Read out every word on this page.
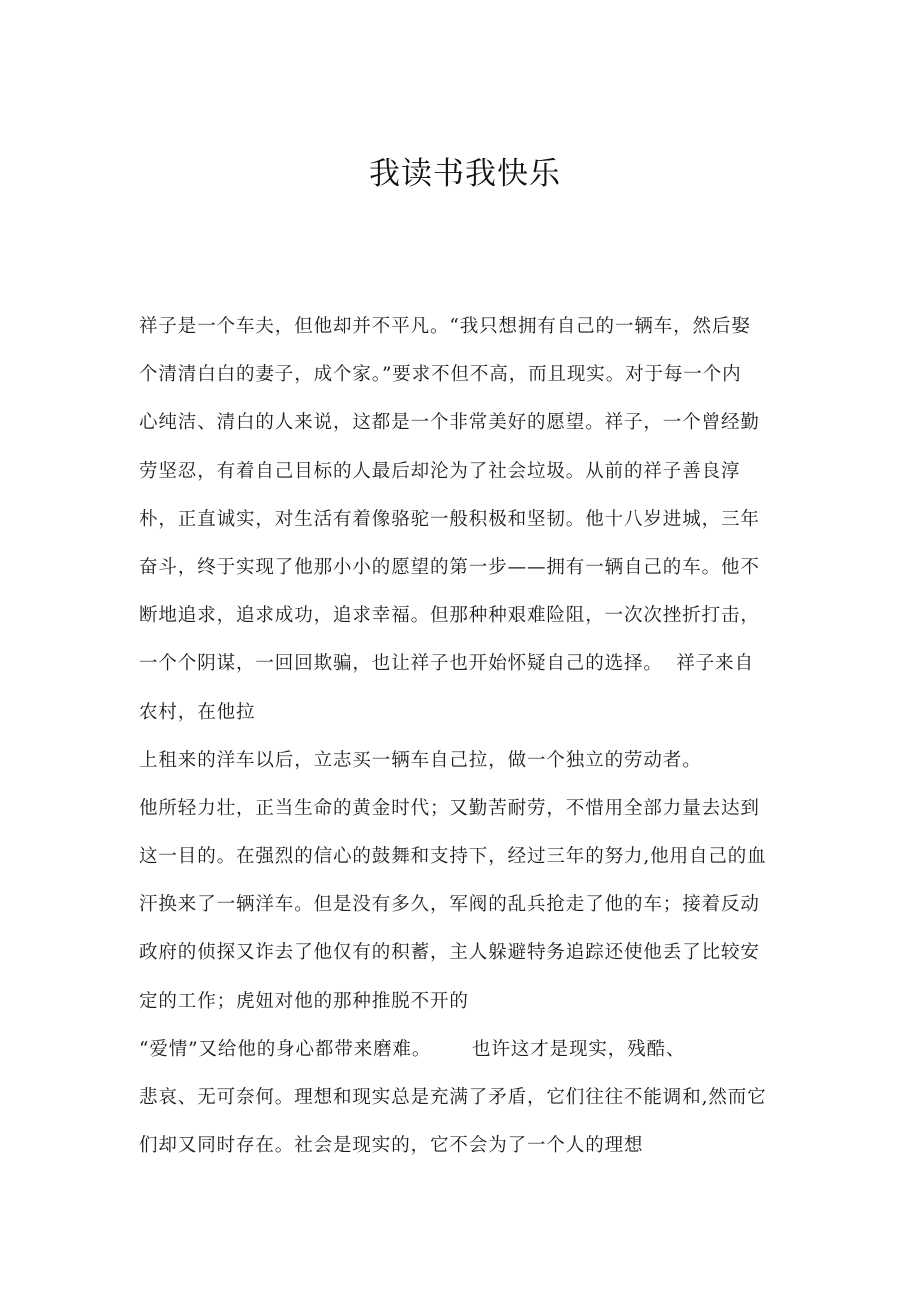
我读书我快乐
祥子是一个车夫，但他却并不平凡。“我只想拥有自己的一辆车，然后娶
个清清白白的妻子，成个家。”要求不但不高，而且现实。对于每一个内
心纯洁、清白的人来说，这都是一个非常美好的愿望。祥子，一个曾经勤
劳坚忍，有着自己目标的人最后却沦为了社会垃圾。从前的祥子善良淳
朴，正直诚实，对生活有着像骆驼一般积极和坚韧。他十八岁进城，三年
奋斗，终于实现了他那小小的愿望的第一步——拥有一辆自己的车。他不
断地追求，追求成功，追求幸福。但那种种艰难险阻，一次次挫折打击，
一个个阴谋，一回回欺骗，也让祥子也开始怀疑自己的选择。  祥子来自
农村，在他拉
上租来的洋车以后，立志买一辆车自己拉，做一个独立的劳动者。
他所轻力壮，正当生命的黄金时代；又勤苦耐劳，不惜用全部力量去达到
这一目的。在强烈的信心的鼓舞和支持下，经过三年的努力,他用自己的血
汗换来了一辆洋车。但是没有多久，军阀的乱兵抢走了他的车；接着反动
政府的侦探又诈去了他仅有的积蓄，主人躲避特务追踪还使他丢了比较安
定的工作；虎妞对他的那种推脱不开的
“爱情”又给他的身心都带来磨难。      也许这才是现实，残酷、
悲哀、无可奈何。理想和现实总是充满了矛盾，它们往往不能调和,然而它
们却又同时存在。社会是现实的，它不会为了一个人的理想
